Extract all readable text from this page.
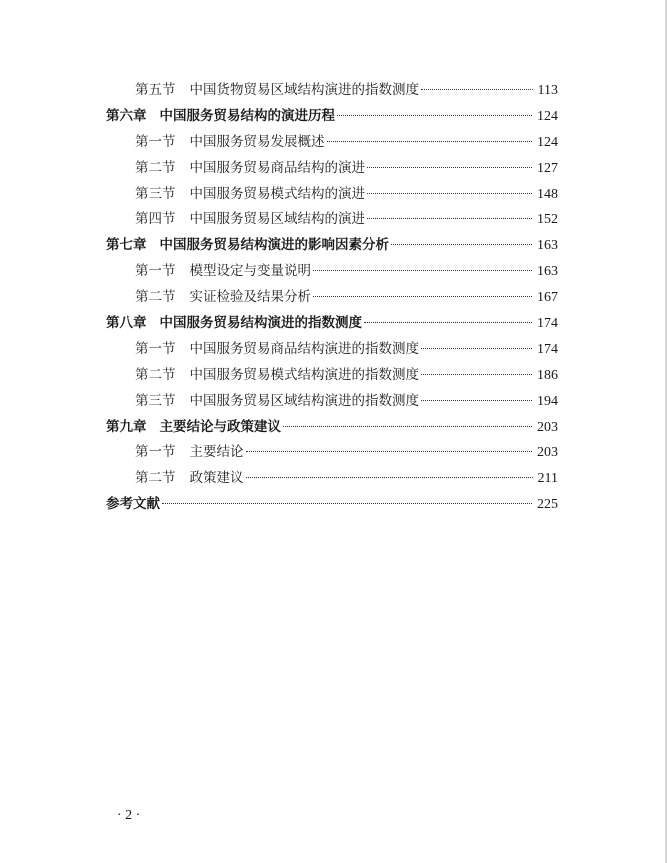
第五节 中国货物贸易区域结构演进的指数测度	113
第六章 中国服务贸易结构的演进历程	124
第一节 中国服务贸易发展概述	124
第二节 中国服务贸易商品结构的演进	127
第三节 中国服务贸易模式结构的演进	148
第四节 中国服务贸易区域结构的演进	152
第七章 中国服务贸易结构演进的影响因素分析	163
第一节 模型设定与变量说明	163
第二节 实证检验及结果分析	167
第八章 中国服务贸易结构演进的指数测度	174
第一节 中国服务贸易商品结构演进的指数测度	174
第二节 中国服务贸易模式结构演进的指数测度	186
第三节 中国服务贸易区域结构演进的指数测度	194
第九章 主要结论与政策建议	203
第一节 主要结论	203
第二节 政策建议	211
参考文献	225
· 2 ·
